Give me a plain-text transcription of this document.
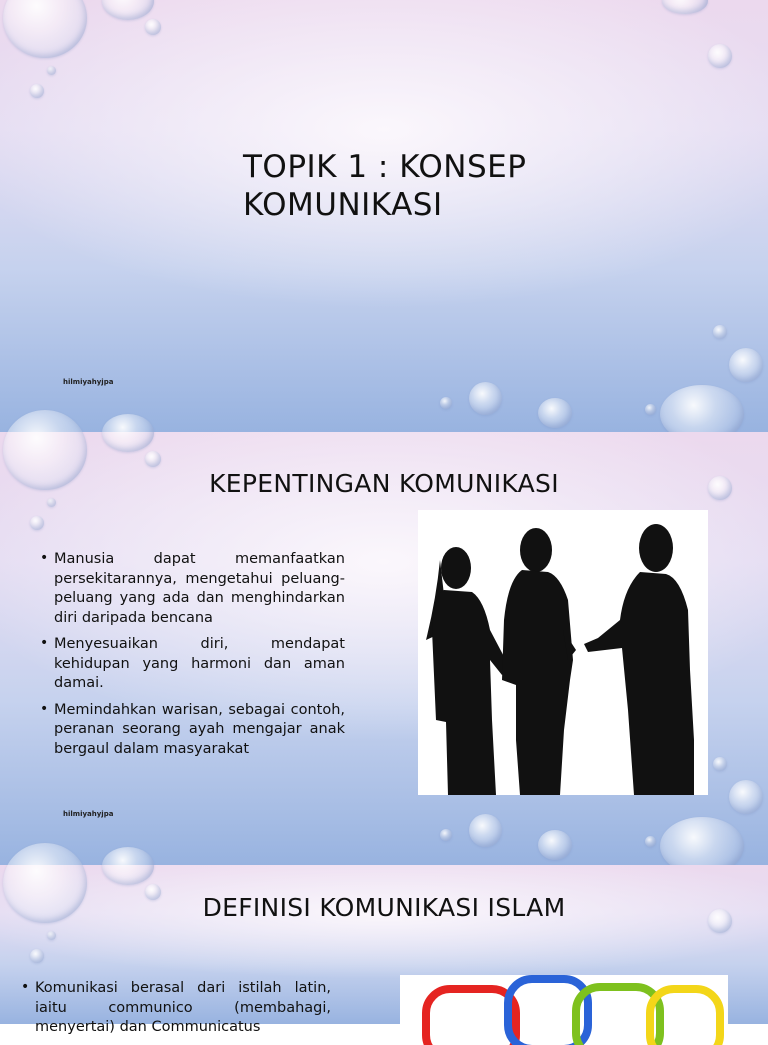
TOPIK 1 : KONSEP KOMUNIKASI
hilmiyahyjpa
KEPENTINGAN KOMUNIKASI
• Manusia dapat memanfaatkan persekitarannya, mengetahui peluang-peluang yang ada dan menghindarkan diri daripada bencana
• Menyesuaikan diri, mendapat kehidupan yang harmoni dan aman damai.
• Memindahkan warisan, sebagai contoh, peranan seorang ayah mengajar anak bergaul dalam masyarakat
hilmiyahyjpa
DEFINISI KOMUNIKASI ISLAM
• Komunikasi berasal dari istilah latin, iaitu communico (membahagi, menyertai) dan Communicatus
